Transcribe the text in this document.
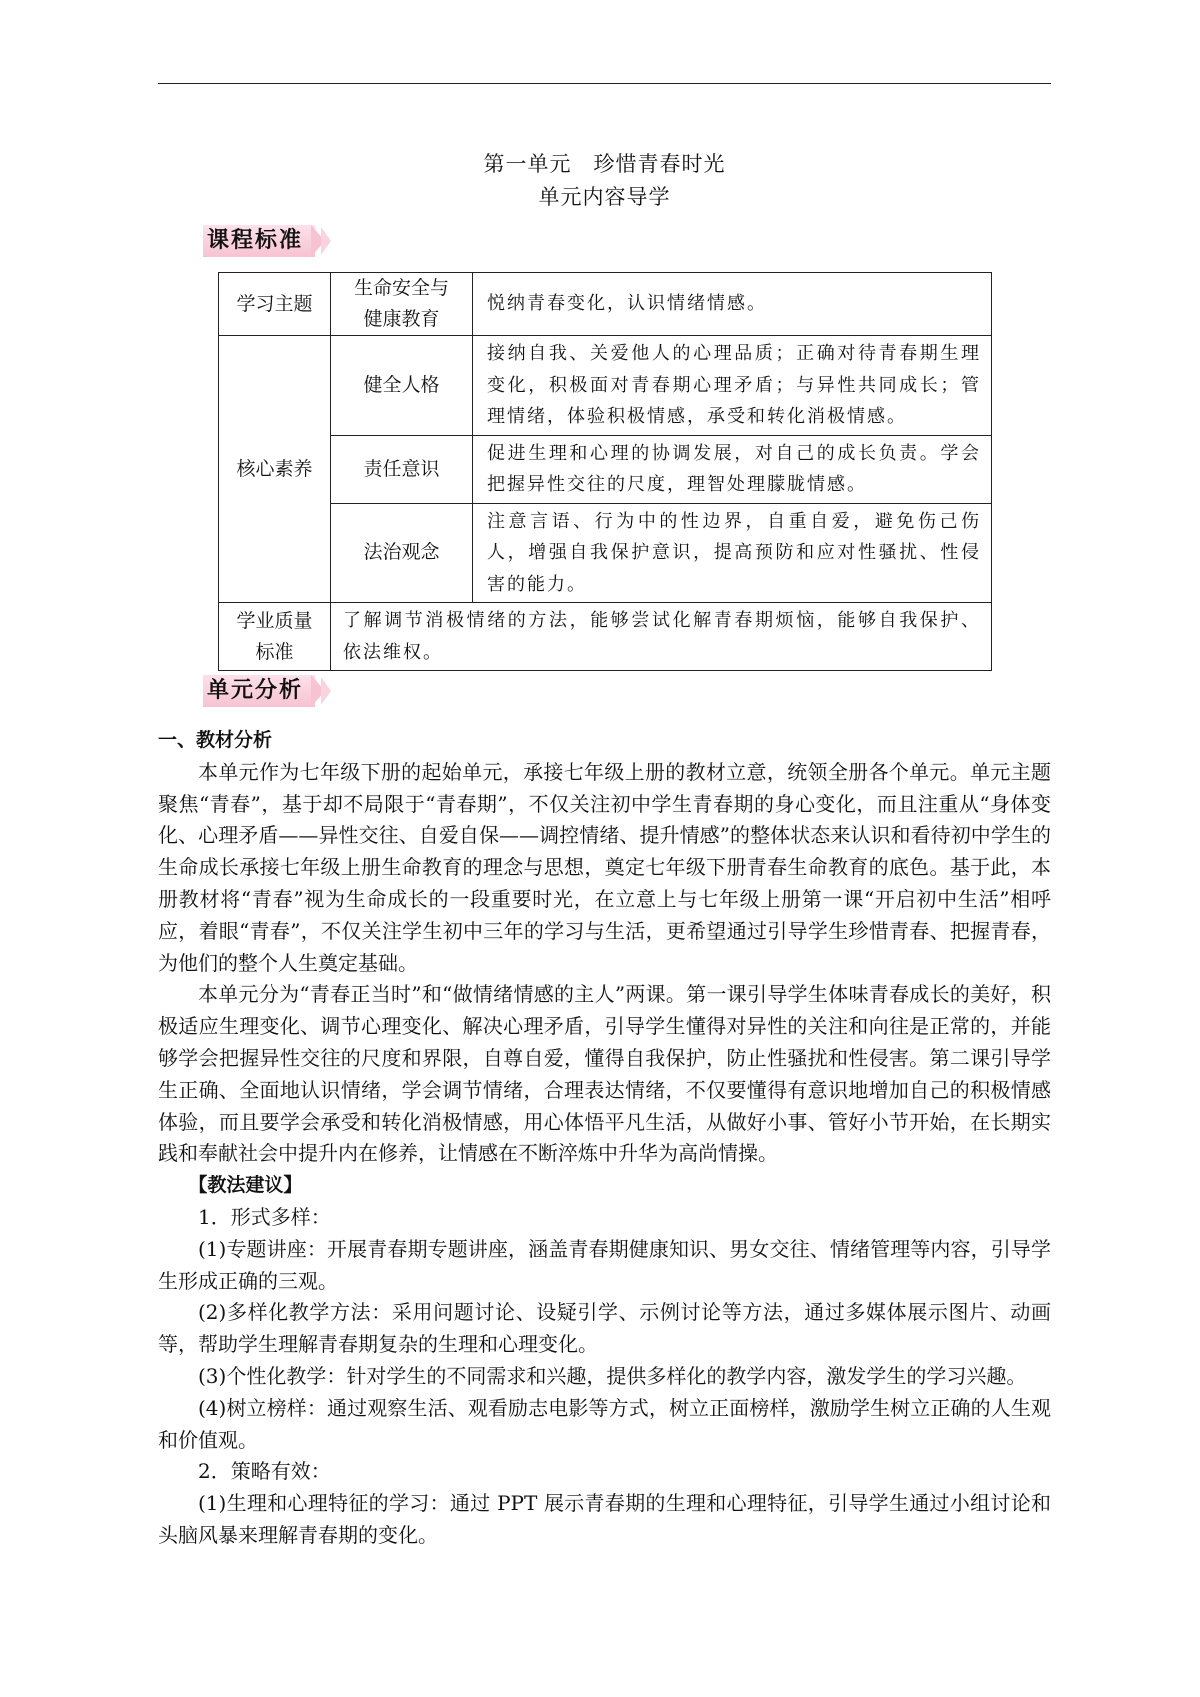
第一单元　珍惜青春时光
单元内容导学
课程标准
学习主题	生命安全与健康教育	悦纳青春变化，认识情绪情感。
核心素养	健全人格	接纳自我、关爱他人的心理品质；正确对待青春期生理变化，积极面对青春期心理矛盾；与异性共同成长；管理情绪，体验积极情感，承受和转化消极情感。
	责任意识	促进生理和心理的协调发展，对自己的成长负责。学会把握异性交往的尺度，理智处理朦胧情感。
	法治观念	注意言语、行为中的性边界，自重自爱，避免伤己伤人，增强自我保护意识，提高预防和应对性骚扰、性侵害的能力。
学业质量标准	了解调节消极情绪的方法，能够尝试化解青春期烦恼，能够自我保护、依法维权。	
单元分析

一、教材分析

本单元作为七年级下册的起始单元，承接七年级上册的教材立意，统领全册各个单元。单元主题聚焦“青春”，基于却不局限于“青春期”，不仅关注初中学生青春期的身心变化，而且注重从“身体变化、心理矛盾——异性交往、自爱自保——调控情绪、提升情感”的整体状态来认识和看待初中学生的生命成长承接七年级上册生命教育的理念与思想，奠定七年级下册青春生命教育的底色。基于此，本册教材将“青春”视为生命成长的一段重要时光，在立意上与七年级上册第一课“开启初中生活”相呼应，着眼“青春”，不仅关注学生初中三年的学习与生活，更希望通过引导学生珍惜青春、把握青春，为他们的整个人生奠定基础。

本单元分为“青春正当时”和“做情绪情感的主人”两课。第一课引导学生体味青春成长的美好，积极适应生理变化、调节心理变化、解决心理矛盾，引导学生懂得对异性的关注和向往是正常的，并能够学会把握异性交往的尺度和界限，自尊自爱，懂得自我保护，防止性骚扰和性侵害。第二课引导学生正确、全面地认识情绪，学会调节情绪，合理表达情绪，不仅要懂得有意识地增加自己的积极情感体验，而且要学会承受和转化消极情感，用心体悟平凡生活，从做好小事、管好小节开始，在长期实践和奉献社会中提升内在修养，让情感在不断淬炼中升华为高尚情操。

【教法建议】

1．形式多样：

(1)专题讲座：开展青春期专题讲座，涵盖青春期健康知识、男女交往、情绪管理等内容，引导学生形成正确的三观。

(2)多样化教学方法：采用问题讨论、设疑引学、示例讨论等方法，通过多媒体展示图片、动画等，帮助学生理解青春期复杂的生理和心理变化。

(3)个性化教学：针对学生的不同需求和兴趣，提供多样化的教学内容，激发学生的学习兴趣。

(4)树立榜样：通过观察生活、观看励志电影等方式，树立正面榜样，激励学生树立正确的人生观和价值观。

2．策略有效：

(1)生理和心理特征的学习：通过 PPT 展示青春期的生理和心理特征，引导学生通过小组讨论和头脑风暴来理解青春期的变化。
